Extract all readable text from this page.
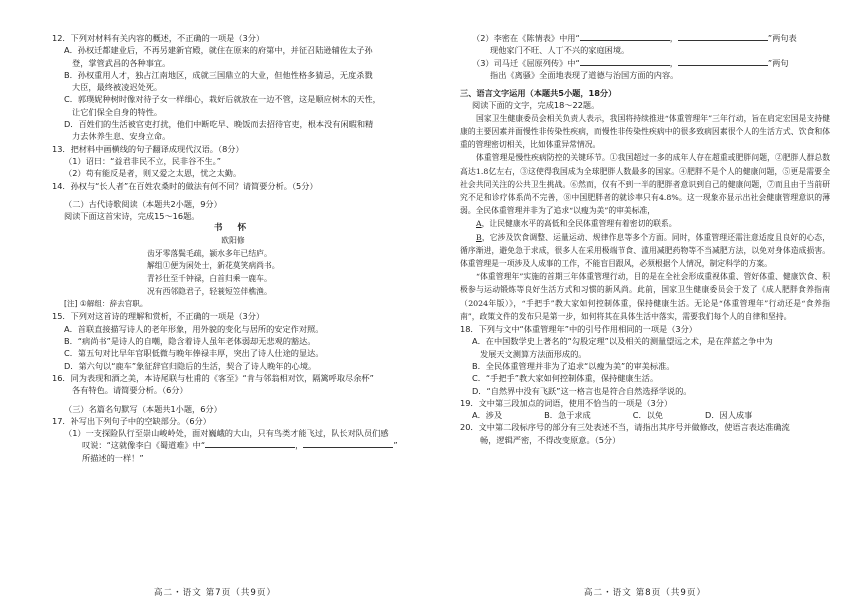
12．下列对材料有关内容的概述，不正确的一项是（3分）
A．孙权迁都建业后，不再另建新官殿，就住在原来的府第中，并征召陆逊辅佐太子孙
登，掌管武昌的各种事宜。
B．孙权重用人才，独占江南地区，成就三国鼎立的大业，但他性格多猜忌，无度杀戮
大臣，最终被凌迟处死。
C．郭璞妮种树时像对待子女一样细心，栽好后就放在一边不管，这是顺应树木的天性，
让它们保全自身的特性。
D．百姓们的生活被官吏打扰，他们中断吃早、晚饭而去招待官吏，根本没有闲暇和精
力去休养生息、安身立命。
13．把材料中画横线的句子翻译成现代汉语。（8分）
（1）诏曰：“益君非民不立，民非谷不生。”
（2）苟有能反是者，则又爱之太恩，忧之太勤。
14．孙权与“长人者”在百姓农桑时的做法有何不同？请简要分析。（5分）
（二）古代诗歌阅读（本题共2小题，9分）
阅读下面这首宋诗，完成15～16题。
书 怀
欧阳修
齿牙零落鬓毛疏，颍水多年已结庐。
解组①便为闲处士，新花莫笑病尚书。
青衫仕至千钟禄，白首归乘一鹿车。
况有西邻隐君子，轻蓑短笠伴樵渔。
[注] ①解组：辞去官职。
15．下列对这首诗的理解和赏析，不正确的一项是（3分）
A．首联直接描写诗人的老年形象，用外貌的变化与居所的安定作对照。
B．“病尚书”是诗人的自嘲，隐含着诗人虽年老体弱却无悲观的豁达。
C．第五句对比早年官职低微与晚年俸禄丰厚，突出了诗人仕途的显达。
D．第六句以“鹿车”象征辞官归隐后的生活，契合了诗人晚年的心境。
16．同为表现和酒之美，本诗尾联与杜甫的《客至》“肯与邻翁相对饮，隔篱呼取尽余杯”
各有特色。请简要分析。（6分）
（三）名篇名句默写（本题共1小题，6分）
17．补写出下列句子中的空缺部分。（6分）
（1）一支探险队行至崇山峻岭处，面对巍峨的大山，只有鸟类才能飞过，队长对队员们感
叹说：“这就像李白《蜀道难》中“	，	”
所描述的一样！”
高二・语文 第7页（共9页）
（2）李密在《陈情表》中用“	，	”两句表
现他家门不旺、人丁不兴的家庭困境。
（3）司马迁《屈原列传》中“	，	”两句
指出《离骚》全面地表现了道德与治国方面的内容。
三、语言文字运用（本题共5小题，18分）
阅读下面的文字，完成18～22题。
国家卫生健康委员会相关负责人表示，我国将持续推进“体重管理年”三年行动，旨在肩定宏国是支持健康的主要因素并面慢性非传染性疾病，而慢性非传染性疾病中的很多致病因素很个人的生活方式、饮食和体重的管理密切相关，比如体重异常情况。
体重管理是慢性疾病防控的关键环节。①我国超过一多的成年人存在超重或肥胖问题，②肥胖人群总数高达1.8亿左右，③这使得我国成为全球肥胖人数最多的国家。④肥胖不是个人的健康问题，⑤更是需要全社会共同关注的公共卫生挑战。⑥然而，仅有不到一半的肥胖者意识到自己的健康问题，⑦而且由于当前研究不足和诊疗体系尚不完善，⑧中国肥胖者的就诊率只有4.8%。这一现象亦显示出社会健康管理意识的薄弱。全民体重管理并非为了追求“以瘦为美”的审美标准，
A，让民健康水平的高低和全民体重管理有着密切的联系。
B，它涉及饮食调整、运量运动、规律作息等多个方面。同时，体重管理还需注意适度且良好的心态，循序渐进，避免急于求成，很多人在采用极端节食、滥用减肥药物等不当减肥方法，以免对身体造成损害。体重管理是一项涉及人成事的工作，不能盲目跟风，必须根据个人情况，制定科学的方案。
“体重管理年”实施的首期三年体重管理行动，目的是在全社会形成重视体重、管好体重、健康饮食、积极参与运动锻炼等良好生活方式和习惯的新风尚。此前，国家卫生健康委员会于发了《成人肥胖食养指南（2024年版）》，“手把手”教大家如何控制体重，保持健康生活。无论是“体重管理年”行动还是“食养指南”，政策文件的发布只是第一步，如何将其在具体生活中落实，需要我们每个人的自律和坚持。
18．下列与文中“体重管理年”中的引号作用相同的一项是（3分）
A．在中国数学史上著名的“勾股定理”以及相关的测量望远之术，是在萍蓝之争中为
发展天文测算方法面形成的。
B．全民体重管理并非为了追求“以瘦为美”的审美标准。
C．“手把手”教大家如何控制体重，保持健康生活。
D．“自然界中没有飞跃”这一格言也是符合自然选择学说的。
19．文中第三段加点的词语，使用不恰当的一项是（3分）
A．涉及	B．急于求成	C．以免	D．因人成事
20．文中第二段标序号的部分有三处表述不当，请指出其序号并做修改，使语言表达准确流
畅，逻辑严密，不得改变原意。（5分）
高二・语文 第8页（共9页）
